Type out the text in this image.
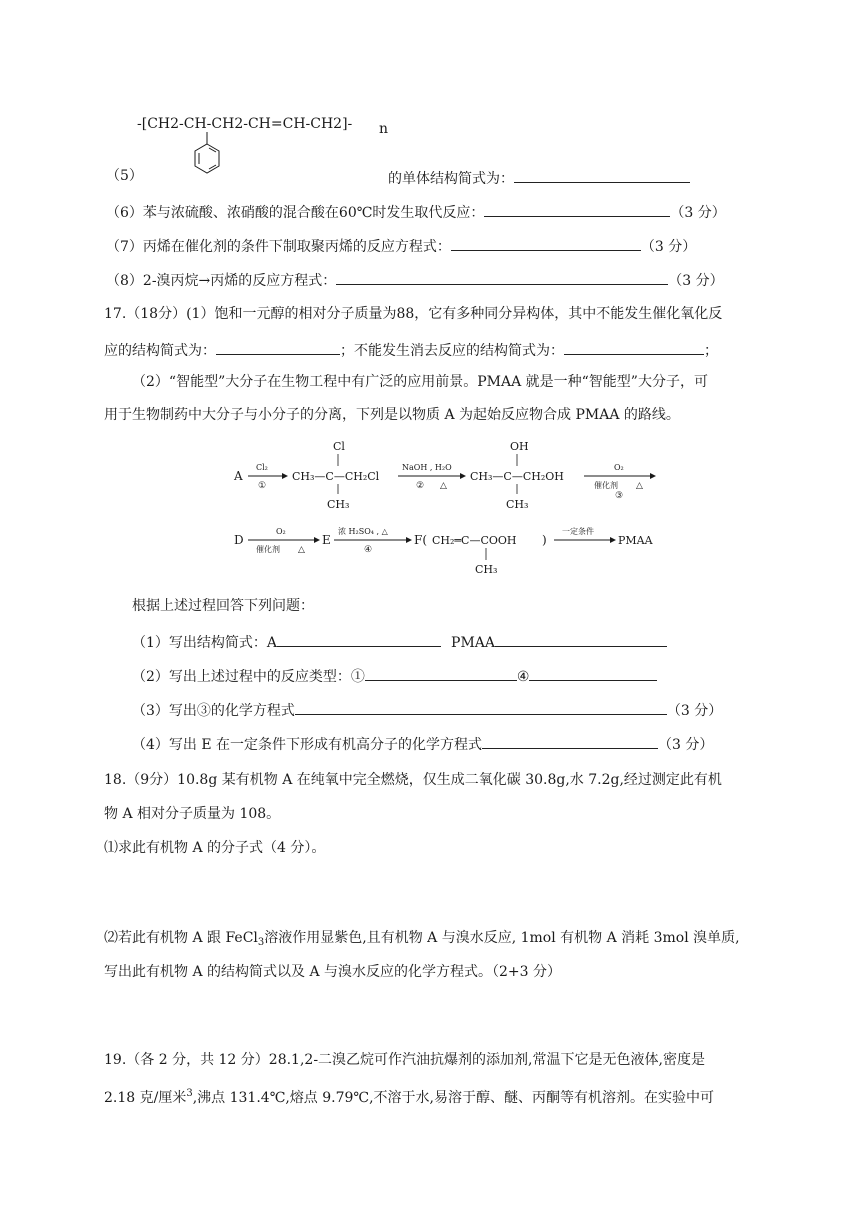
-[CH2-CH-CH2-CH=CH-CH2]- n
（5）	的单体结构简式为：
（6）苯与浓硫酸、浓硝酸的混合酸在60℃时发生取代反应：	（3 分）
（7）丙烯在催化剂的条件下制取聚丙烯的反应方程式：	（3 分）
（8）2-溴丙烷→丙烯的反应方程式：	（3 分）
17.（18分）(1）饱和一元醇的相对分子质量为88，它有多种同分异构体，其中不能发生催化氧化反
应的结构简式为：	；不能发生消去反应的结构简式为：	；
（2）“智能型”大分子在生物工程中有广泛的应用前景。PMAA 就是一种“智能型”大分子，可
用于生物制药中大分子与小分子的分离，下列是以物质 A 为起始反应物合成 PMAA 的路线。
A
Cl₂
①
Cl
CH₃—C—CH₂Cl
CH₃
NaOH , H₂O
② △
OH
CH₃—C—CH₂OH
CH₃
O₂
催化剂 △
③
D
O₂
催化剂 △
E
浓 H₂SO₄ , △
④
F( CH₂═C—COOH
CH₃
)
一定条件
PMAA
根据上述过程回答下列问题：
（1）写出结构简式：A	PMAA
（2）写出上述过程中的反应类型：①	④
（3）写出③的化学方程式	（3 分）
（4）写出 E 在一定条件下形成有机高分子的化学方程式	（3 分）
18.（9分）10.8g 某有机物 A 在纯氧中完全燃烧，仅生成二氧化碳 30.8g,水 7.2g,经过测定此有机
物 A 相对分子质量为 108。
⑴求此有机物 A 的分子式（4 分）。
⑵若此有机物 A 跟 FeCl$_3$溶液作用显紫色,且有机物 A 与溴水反应, 1mol 有机物 A 消耗 3mol 溴单质,
写出此有机物 A 的结构简式以及 A 与溴水反应的化学方程式。（2+3 分）
19.（各 2 分，共 12 分）28.1,2-二溴乙烷可作汽油抗爆剂的添加剂,常温下它是无色液体,密度是
2.18 克/厘米$^3$,沸点 131.4℃,熔点 9.79℃,不溶于水,易溶于醇、醚、丙酮等有机溶剂。在实验中可
